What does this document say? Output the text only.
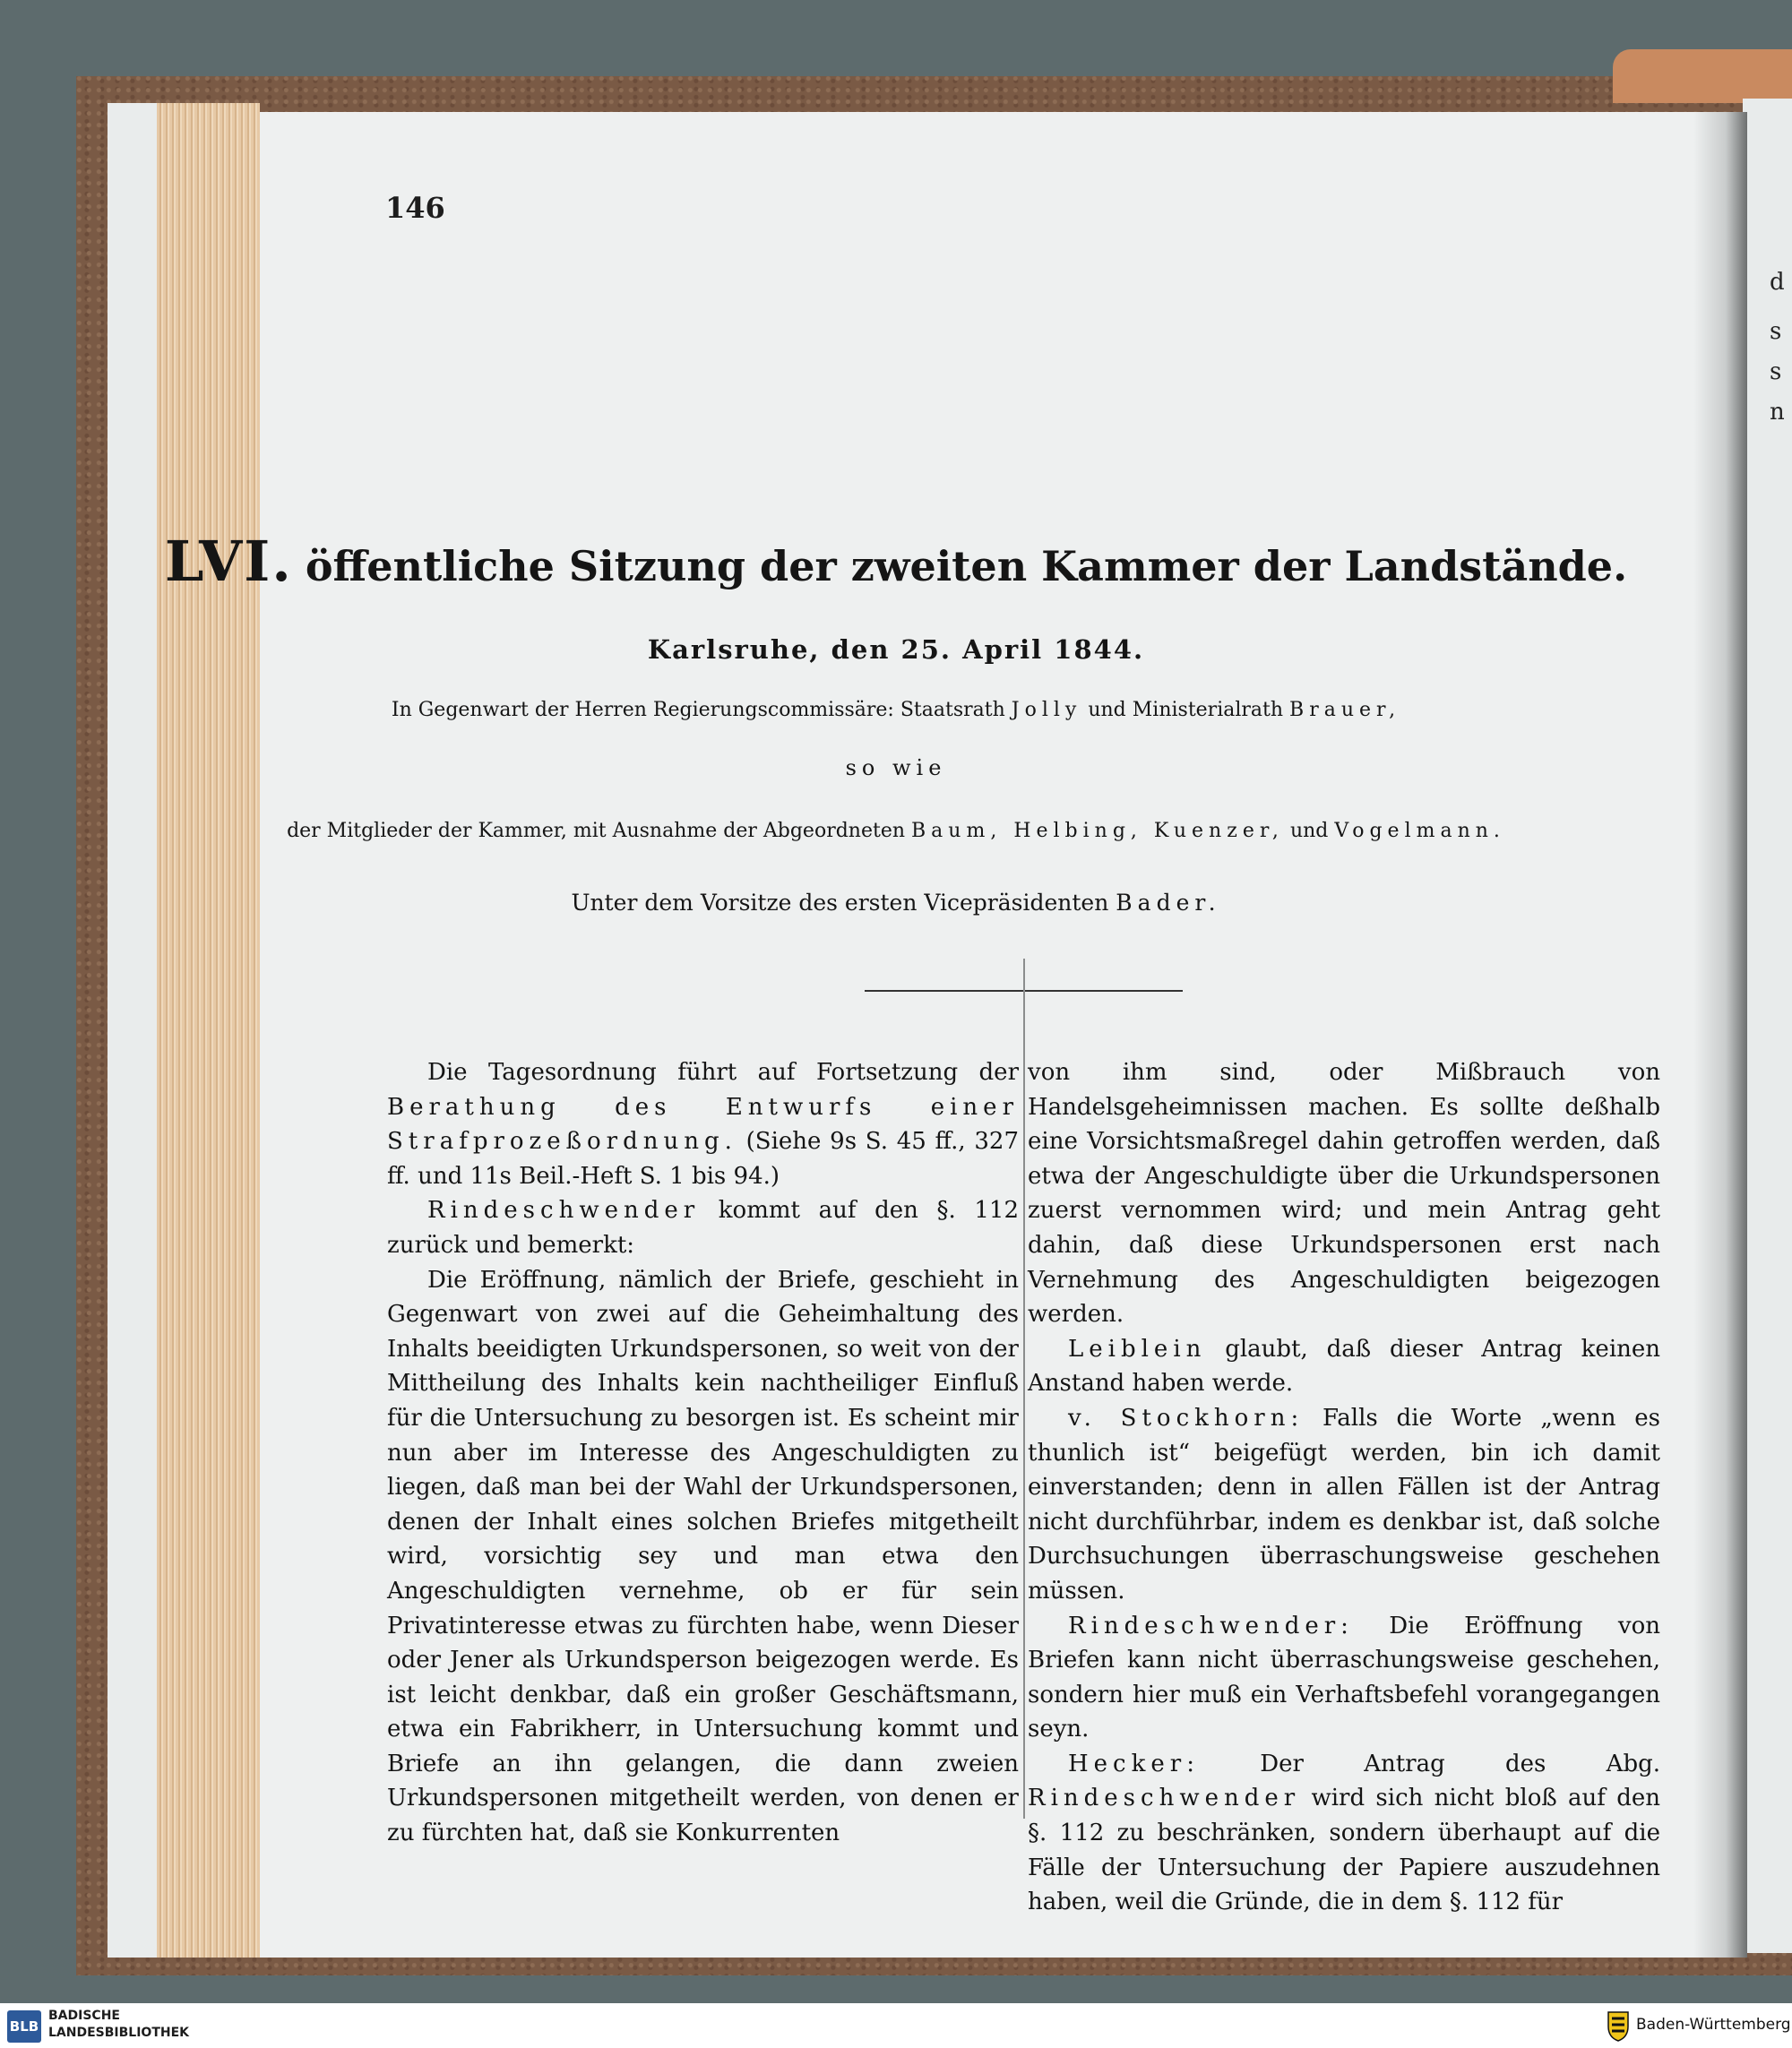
d
s
s
n
146
LVI. öffentliche Sitzung der zweiten Kammer der Landstände.
Karlsruhe, den 25. April 1844.
In Gegenwart der Herren Regierungscommissäre: Staatsrath Jolly und Ministerialrath Brauer,
so wie
der Mitglieder der Kammer, mit Ausnahme der Abgeordneten Baum, Helbing, Kuenzer, und Vogelmann.
Unter dem Vorsitze des ersten Vicepräsidenten Bader.

Die Tagesordnung führt auf Fortsetzung der Berathung des Entwurfs einer Strafprozeßordnung. (Siehe 9s S. 45 ff., 327 ff. und 11s Beil.-Heft S. 1 bis 94.)

Rindeschwender kommt auf den §. 112 zurück und bemerkt:

Die Eröffnung, nämlich der Briefe, geschieht in Gegenwart von zwei auf die Geheimhaltung des Inhalts beeidigten Urkundspersonen, so weit von der Mittheilung des Inhalts kein nachtheiliger Einfluß für die Untersuchung zu besorgen ist. Es scheint mir nun aber im Interesse des Angeschuldigten zu liegen, daß man bei der Wahl der Urkundspersonen, denen der Inhalt eines solchen Briefes mitgetheilt wird, vorsichtig sey und man etwa den Angeschuldigten vernehme, ob er für sein Privatinteresse etwas zu fürchten habe, wenn Dieser oder Jener als Urkundsperson beigezogen werde. Es ist leicht denkbar, daß ein großer Geschäftsmann, etwa ein Fabrikherr, in Untersuchung kommt und Briefe an ihn gelangen, die dann zweien Urkundspersonen mitgetheilt werden, von denen er zu fürchten hat, daß sie Konkurrenten

von ihm sind, oder Mißbrauch von Handelsgeheimnissen machen. Es sollte deßhalb eine Vorsichtsmaßregel dahin getroffen werden, daß etwa der Angeschuldigte über die Urkundspersonen zuerst vernommen wird; und mein Antrag geht dahin, daß diese Urkundspersonen erst nach Vernehmung des Angeschuldigten beigezogen werden.

Leiblein glaubt, daß dieser Antrag keinen Anstand haben werde.

v. Stockhorn: Falls die Worte „wenn es thunlich ist“ beigefügt werden, bin ich damit einverstanden; denn in allen Fällen ist der Antrag nicht durchführbar, indem es denkbar ist, daß solche Durchsuchungen überraschungsweise geschehen müssen.

Rindeschwender: Die Eröffnung von Briefen kann nicht überraschungsweise geschehen, sondern hier muß ein Verhaftsbefehl vorangegangen seyn.

Hecker:	Der Antrag des Abg. Rindeschwender wird sich nicht bloß auf den §. 112 zu beschränken, sondern überhaupt auf die Fälle der Untersuchung der Papiere auszudehnen haben, weil die Gründe, die in dem §. 112 für

BLB
BADISCHE
LANDESBIBLIOTHEK	Baden-Württemberg
